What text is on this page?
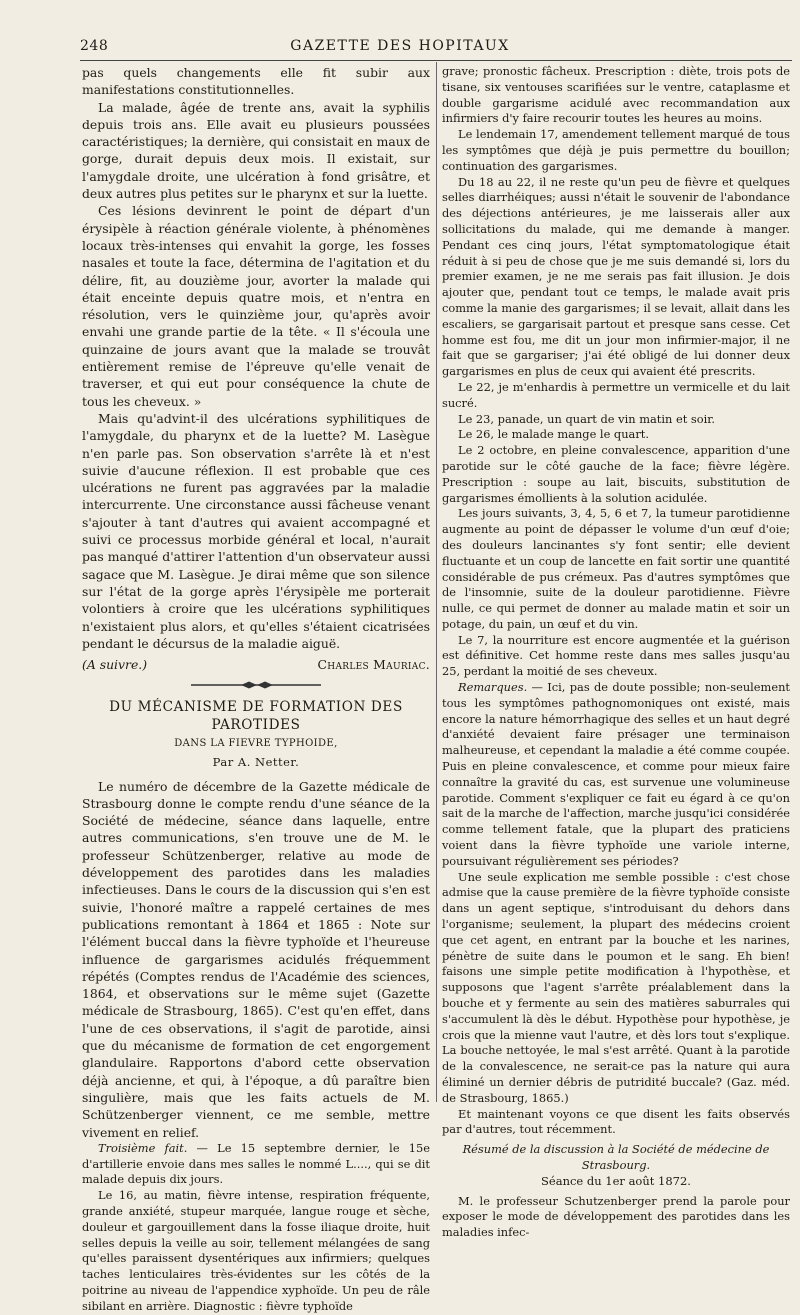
248	GAZETTE DES HOPITAUX

pas quels changements elle fit subir aux manifestations constitutionnelles.

La malade, âgée de trente ans, avait la syphilis depuis trois ans. Elle avait eu plusieurs poussées caractéristiques; la dernière, qui consistait en maux de gorge, durait depuis deux mois. Il existait, sur l'amygdale droite, une ulcération à fond grisâtre, et deux autres plus petites sur le pharynx et sur la luette.

Ces lésions devinrent le point de départ d'un érysipèle à réaction générale violente, à phénomènes locaux très-intenses qui envahit la gorge, les fosses nasales et toute la face, détermina de l'agitation et du délire, fit, au douzième jour, avorter la malade qui était enceinte depuis quatre mois, et n'entra en résolution, vers le quinzième jour, qu'après avoir envahi une grande partie de la tête. « Il s'écoula une quinzaine de jours avant que la malade se trouvât entièrement remise de l'épreuve qu'elle venait de traverser, et qui eut pour conséquence la chute de tous les cheveux. »

Mais qu'advint-il des ulcérations syphilitiques de l'amygdale, du pharynx et de la luette? M. Lasègue n'en parle pas. Son observation s'arrête là et n'est suivie d'aucune réflexion. Il est probable que ces ulcérations ne furent pas aggravées par la maladie intercurrente. Une circonstance aussi fâcheuse venant s'ajouter à tant d'autres qui avaient accompagné et suivi ce processus morbide général et local, n'aurait pas manqué d'attirer l'attention d'un observateur aussi sagace que M. Lasègue. Je dirai même que son silence sur l'état de la gorge après l'érysipèle me porterait volontiers à croire que les ulcérations syphilitiques n'existaient plus alors, et qu'elles s'étaient cicatrisées pendant le décursus de la maladie aiguë.

(A suivre.)	Charles Mauriac.

DU MÉCANISME DE FORMATION DES PAROTIDES

DANS LA FIEVRE TYPHOIDE,

Par A. Netter.

Le numéro de décembre de la Gazette médicale de Strasbourg donne le compte rendu d'une séance de la Société de médecine, séance dans laquelle, entre autres communications, s'en trouve une de M. le professeur Schützenberger, relative au mode de développement des parotides dans les maladies infectieuses. Dans le cours de la discussion qui s'en est suivie, l'honoré maître a rappelé certaines de mes publications remontant à 1864 et 1865 : Note sur l'élément buccal dans la fièvre typhoïde et l'heureuse influence de gargarismes acidulés fréquemment répétés (Comptes rendus de l'Académie des sciences, 1864, et observations sur le même sujet (Gazette médicale de Strasbourg, 1865). C'est qu'en effet, dans l'une de ces observations, il s'agit de parotide, ainsi que du mécanisme de formation de cet engorgement glandulaire. Rapportons d'abord cette observation déjà ancienne, et qui, à l'époque, a dû paraître bien singulière, mais que les faits actuels de M. Schützenberger viennent, ce me semble, mettre vivement en relief.

Troisième fait. — Le 15 septembre dernier, le 15e d'artillerie envoie dans mes salles le nommé L...., qui se dit malade depuis dix jours.

Le 16, au matin, fièvre intense, respiration fréquente, grande anxiété, stupeur marquée, langue rouge et sèche, douleur et gargouillement dans la fosse iliaque droite, huit selles depuis la veille au soir, tellement mélangées de sang qu'elles paraissent dysentériques aux infirmiers; quelques taches lenticulaires très-évidentes sur les côtés de la poitrine au niveau de l'appendice xyphoïde. Un peu de râle sibilant en arrière. Diagnostic : fièvre typhoïde

grave; pronostic fâcheux. Prescription : diète, trois pots de tisane, six ventouses scarifiées sur le ventre, cataplasme et double gargarisme acidulé avec recommandation aux infirmiers d'y faire recourir toutes les heures au moins.

Le lendemain 17, amendement tellement marqué de tous les symptômes que déjà je puis permettre du bouillon; continuation des gargarismes.

Du 18 au 22, il ne reste qu'un peu de fièvre et quelques selles diarrhéiques; aussi n'était le souvenir de l'abondance des déjections antérieures, je me laisserais aller aux sollicitations du malade, qui me demande à manger. Pendant ces cinq jours, l'état symptomatologique était réduit à si peu de chose que je me suis demandé si, lors du premier examen, je ne me serais pas fait illusion. Je dois ajouter que, pendant tout ce temps, le malade avait pris comme la manie des gargarismes; il se levait, allait dans les escaliers, se gargarisait partout et presque sans cesse. Cet homme est fou, me dit un jour mon infirmier-major, il ne fait que se gargariser; j'ai été obligé de lui donner deux gargarismes en plus de ceux qui avaient été prescrits.

Le 22, je m'enhardis à permettre un vermicelle et du lait sucré.

Le 23, panade, un quart de vin matin et soir.

Le 26, le malade mange le quart.

Le 2 octobre, en pleine convalescence, apparition d'une parotide sur le côté gauche de la face; fièvre légère. Prescription : soupe au lait, biscuits, substitution de gargarismes émollients à la solution acidulée.

Les jours suivants, 3, 4, 5, 6 et 7, la tumeur parotidienne augmente au point de dépasser le volume d'un œuf d'oie; des douleurs lancinantes s'y font sentir; elle devient fluctuante et un coup de lancette en fait sortir une quantité considérable de pus crémeux. Pas d'autres symptômes que de l'insomnie, suite de la douleur parotidienne. Fièvre nulle, ce qui permet de donner au malade matin et soir un potage, du pain, un œuf et du vin.

Le 7, la nourriture est encore augmentée et la guérison est définitive. Cet homme reste dans mes salles jusqu'au 25, perdant la moitié de ses cheveux.

Remarques. — Ici, pas de doute possible; non-seulement tous les symptômes pathognomoniques ont existé, mais encore la nature hémorrhagique des selles et un haut degré d'anxiété devaient faire présager une terminaison malheureuse, et cependant la maladie a été comme coupée. Puis en pleine convalescence, et comme pour mieux faire connaître la gravité du cas, est survenue une volumineuse parotide. Comment s'expliquer ce fait eu égard à ce qu'on sait de la marche de l'affection, marche jusqu'ici considérée comme tellement fatale, que la plupart des praticiens voient dans la fièvre typhoïde une variole interne, poursuivant régulièrement ses périodes?

Une seule explication me semble possible : c'est chose admise que la cause première de la fièvre typhoïde consiste dans un agent septique, s'introduisant du dehors dans l'organisme; seulement, la plupart des médecins croient que cet agent, en entrant par la bouche et les narines, pénètre de suite dans le poumon et le sang. Eh bien! faisons une simple petite modification à l'hypothèse, et supposons que l'agent s'arrête préalablement dans la bouche et y fermente au sein des matières saburrales qui s'accumulent là dès le début. Hypothèse pour hypothèse, je crois que la mienne vaut l'autre, et dès lors tout s'explique. La bouche nettoyée, le mal s'est arrêté. Quant à la parotide de la convalescence, ne serait-ce pas la nature qui aura éliminé un dernier débris de putridité buccale? (Gaz. méd. de Strasbourg, 1865.)

Et maintenant voyons ce que disent les faits observés par d'autres, tout récemment.

Résumé de la discussion à la Société de médecine de Strasbourg.

Séance du 1er août 1872.

M. le professeur Schutzenberger prend la parole pour exposer le mode de développement des parotides dans les maladies infec-
